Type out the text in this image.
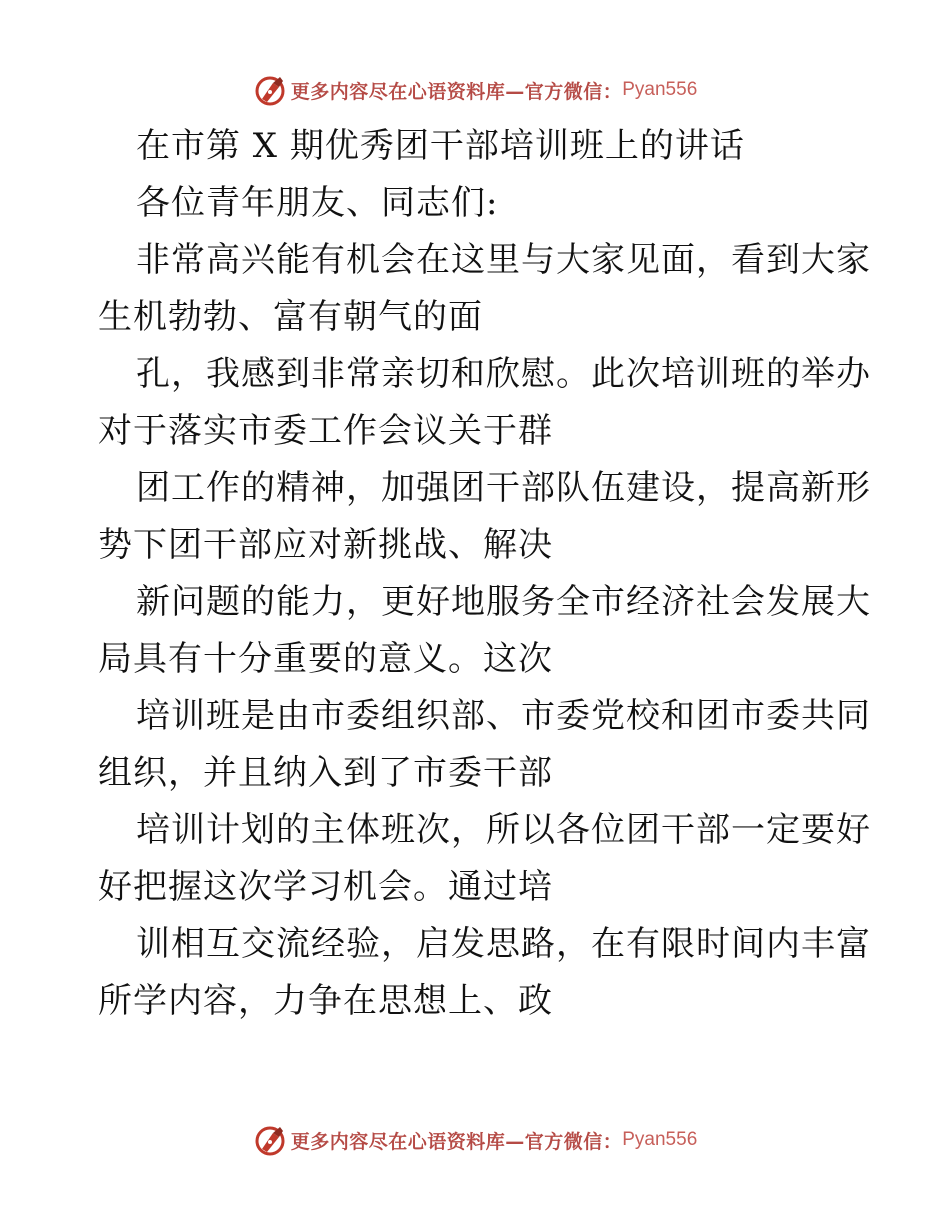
更多内容尽在心语资料库—官方微信： Pyan556
在市第 X 期优秀团干部培训班上的讲话
各位青年朋友、同志们:
非常高兴能有机会在这里与大家见面，看到大家
生机勃勃、富有朝气的面
孔，我感到非常亲切和欣慰。此次培训班的举办
对于落实市委工作会议关于群
团工作的精神，加强团干部队伍建设，提高新形
势下团干部应对新挑战、解决
新问题的能力，更好地服务全市经济社会发展大
局具有十分重要的意义。这次
培训班是由市委组织部、市委党校和团市委共同
组织，并且纳入到了市委干部
培训计划的主体班次，所以各位团干部一定要好
好把握这次学习机会。通过培
训相互交流经验，启发思路，在有限时间内丰富
所学内容，力争在思想上、政
更多内容尽在心语资料库—官方微信： Pyan556
